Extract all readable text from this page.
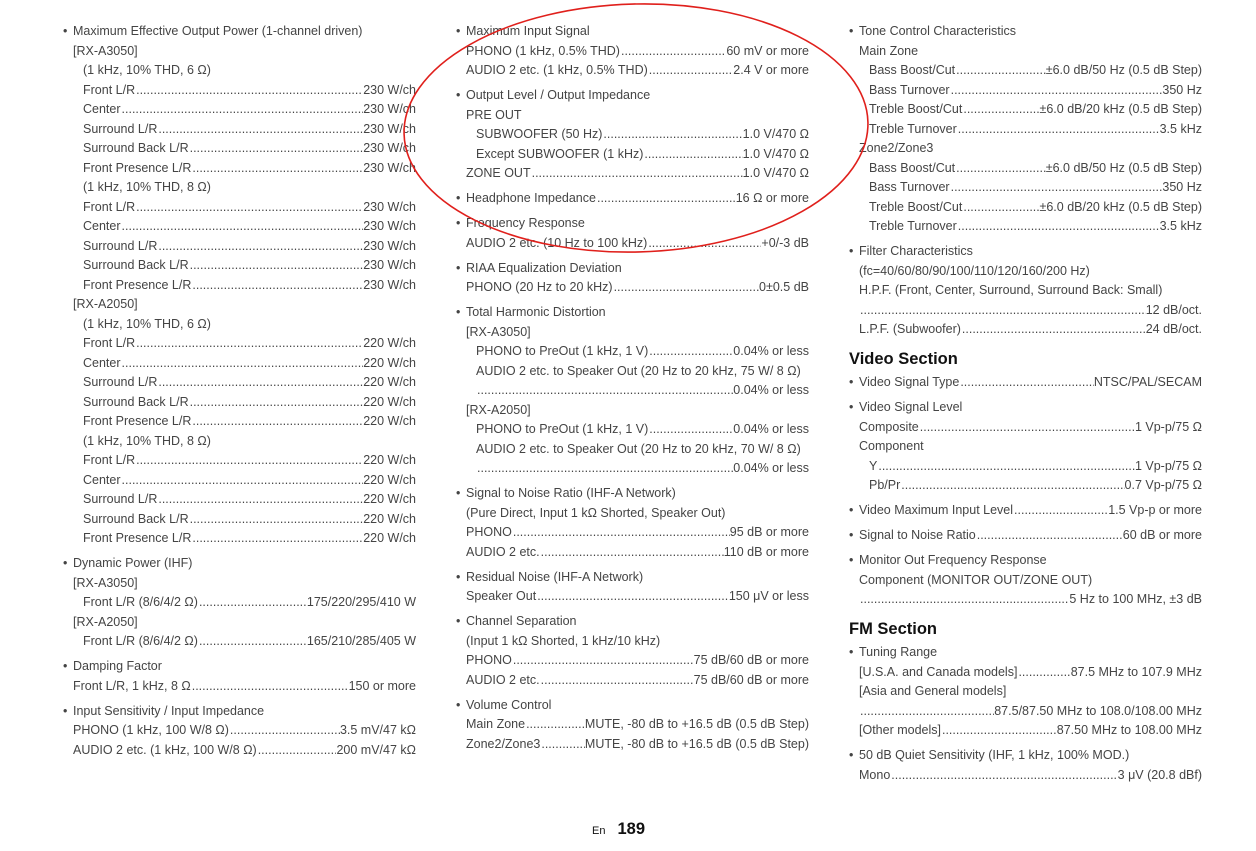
• Maximum Effective Output Power (1-channel driven)
[RX-A3050]
(1 kHz, 10% THD, 6 Ω)
Front L/R .....	230 W/ch
Center .....	230 W/ch
Surround L/R .....	230 W/ch
Surround Back L/R .....	230 W/ch
Front Presence L/R .....	230 W/ch
(1 kHz, 10% THD, 8 Ω)
Front L/R .....	230 W/ch
Center .....	230 W/ch
Surround L/R .....	230 W/ch
Surround Back L/R .....	230 W/ch
Front Presence L/R .....	230 W/ch
[RX-A2050]
(1 kHz, 10% THD, 6 Ω)
Front L/R .....	220 W/ch
Center .....	220 W/ch
Surround L/R .....	220 W/ch
Surround Back L/R .....	220 W/ch
Front Presence L/R .....	220 W/ch
(1 kHz, 10% THD, 8 Ω)
Front L/R .....	220 W/ch
Center .....	220 W/ch
Surround L/R .....	220 W/ch
Surround Back L/R .....	220 W/ch
Front Presence L/R .....	220 W/ch
• Dynamic Power (IHF)
[RX-A3050]
Front L/R (8/6/4/2 Ω) .....	175/220/295/410 W
[RX-A2050]
Front L/R (8/6/4/2 Ω) .....	165/210/285/405 W
• Damping Factor
Front L/R, 1 kHz, 8 Ω .....	150 or more
• Input Sensitivity / Input Impedance
PHONO (1 kHz, 100 W/8 Ω) .....	3.5 mV/47 kΩ
AUDIO 2 etc. (1 kHz, 100 W/8 Ω) .....	200 mV/47 kΩ
• Maximum Input Signal
PHONO (1 kHz, 0.5% THD) .....	60 mV or more
AUDIO 2 etc. (1 kHz, 0.5% THD) .....	2.4 V or more
• Output Level / Output Impedance
PRE OUT
SUBWOOFER (50 Hz) .....	1.0 V/470 Ω
Except SUBWOOFER (1 kHz) .....	1.0 V/470 Ω
ZONE OUT .....	1.0 V/470 Ω
• Headphone Impedance .....	16 Ω or more
• Frequency Response
AUDIO 2 etc. (10 Hz to 100 kHz) .....	+0/-3 dB
• RIAA Equalization Deviation
PHONO (20 Hz to 20 kHz) .....	0±0.5 dB
• Total Harmonic Distortion
[RX-A3050]
PHONO to PreOut (1 kHz, 1 V) .....	0.04% or less
AUDIO 2 etc. to Speaker Out (20 Hz to 20 kHz, 75 W/ 8 Ω)
.....
0.04% or less
[RX-A2050]
PHONO to PreOut (1 kHz, 1 V) .....	0.04% or less
AUDIO 2 etc. to Speaker Out (20 Hz to 20 kHz, 70 W/ 8 Ω)
.....
0.04% or less
• Signal to Noise Ratio (IHF-A Network)
(Pure Direct, Input 1 kΩ Shorted, Speaker Out)
PHONO .....	95 dB or more
AUDIO 2 etc. .....	110 dB or more
• Residual Noise (IHF-A Network)
Speaker Out .....	150 μV or less
• Channel Separation
(Input 1 kΩ Shorted, 1 kHz/10 kHz)
PHONO .....	75 dB/60 dB or more
AUDIO 2 etc. .....	75 dB/60 dB or more
• Volume Control
Main Zone .....	MUTE, -80 dB to +16.5 dB (0.5 dB Step)
Zone2/Zone3 .....	MUTE, -80 dB to +16.5 dB (0.5 dB Step)
• Tone Control Characteristics
Main Zone
Bass Boost/Cut .....	±6.0 dB/50 Hz (0.5 dB Step)
Bass Turnover .....	350 Hz
Treble Boost/Cut .....	±6.0 dB/20 kHz (0.5 dB Step)
Treble Turnover .....	3.5 kHz
Zone2/Zone3
Bass Boost/Cut .....	±6.0 dB/50 Hz (0.5 dB Step)
Bass Turnover .....	350 Hz
Treble Boost/Cut .....	±6.0 dB/20 kHz (0.5 dB Step)
Treble Turnover .....	3.5 kHz
• Filter Characteristics
(fc=40/60/80/90/100/110/120/160/200 Hz)
H.P.F. (Front, Center, Surround, Surround Back: Small)
.....
12 dB/oct.
L.P.F. (Subwoofer) .....	24 dB/oct.
Video Section
• Video Signal Type .....	NTSC/PAL/SECAM
• Video Signal Level
Composite .....	1 Vp-p/75 Ω
Component
Y .....	1 Vp-p/75 Ω
Pb/Pr .....	0.7 Vp-p/75 Ω
• Video Maximum Input Level .....	1.5 Vp-p or more
• Signal to Noise Ratio .....	60 dB or more
• Monitor Out Frequency Response
Component (MONITOR OUT/ZONE OUT)
.....
5 Hz to 100 MHz, ±3 dB
FM Section
• Tuning Range
[U.S.A. and Canada models] .....	87.5 MHz to 107.9 MHz
[Asia and General models]
.....
87.5/87.50 MHz to 108.0/108.00 MHz
[Other models] .....	87.50 MHz to 108.00 MHz
• 50 dB Quiet Sensitivity (IHF, 1 kHz, 100% MOD.)
Mono .....	3 μV (20.8 dBf)
En 189
